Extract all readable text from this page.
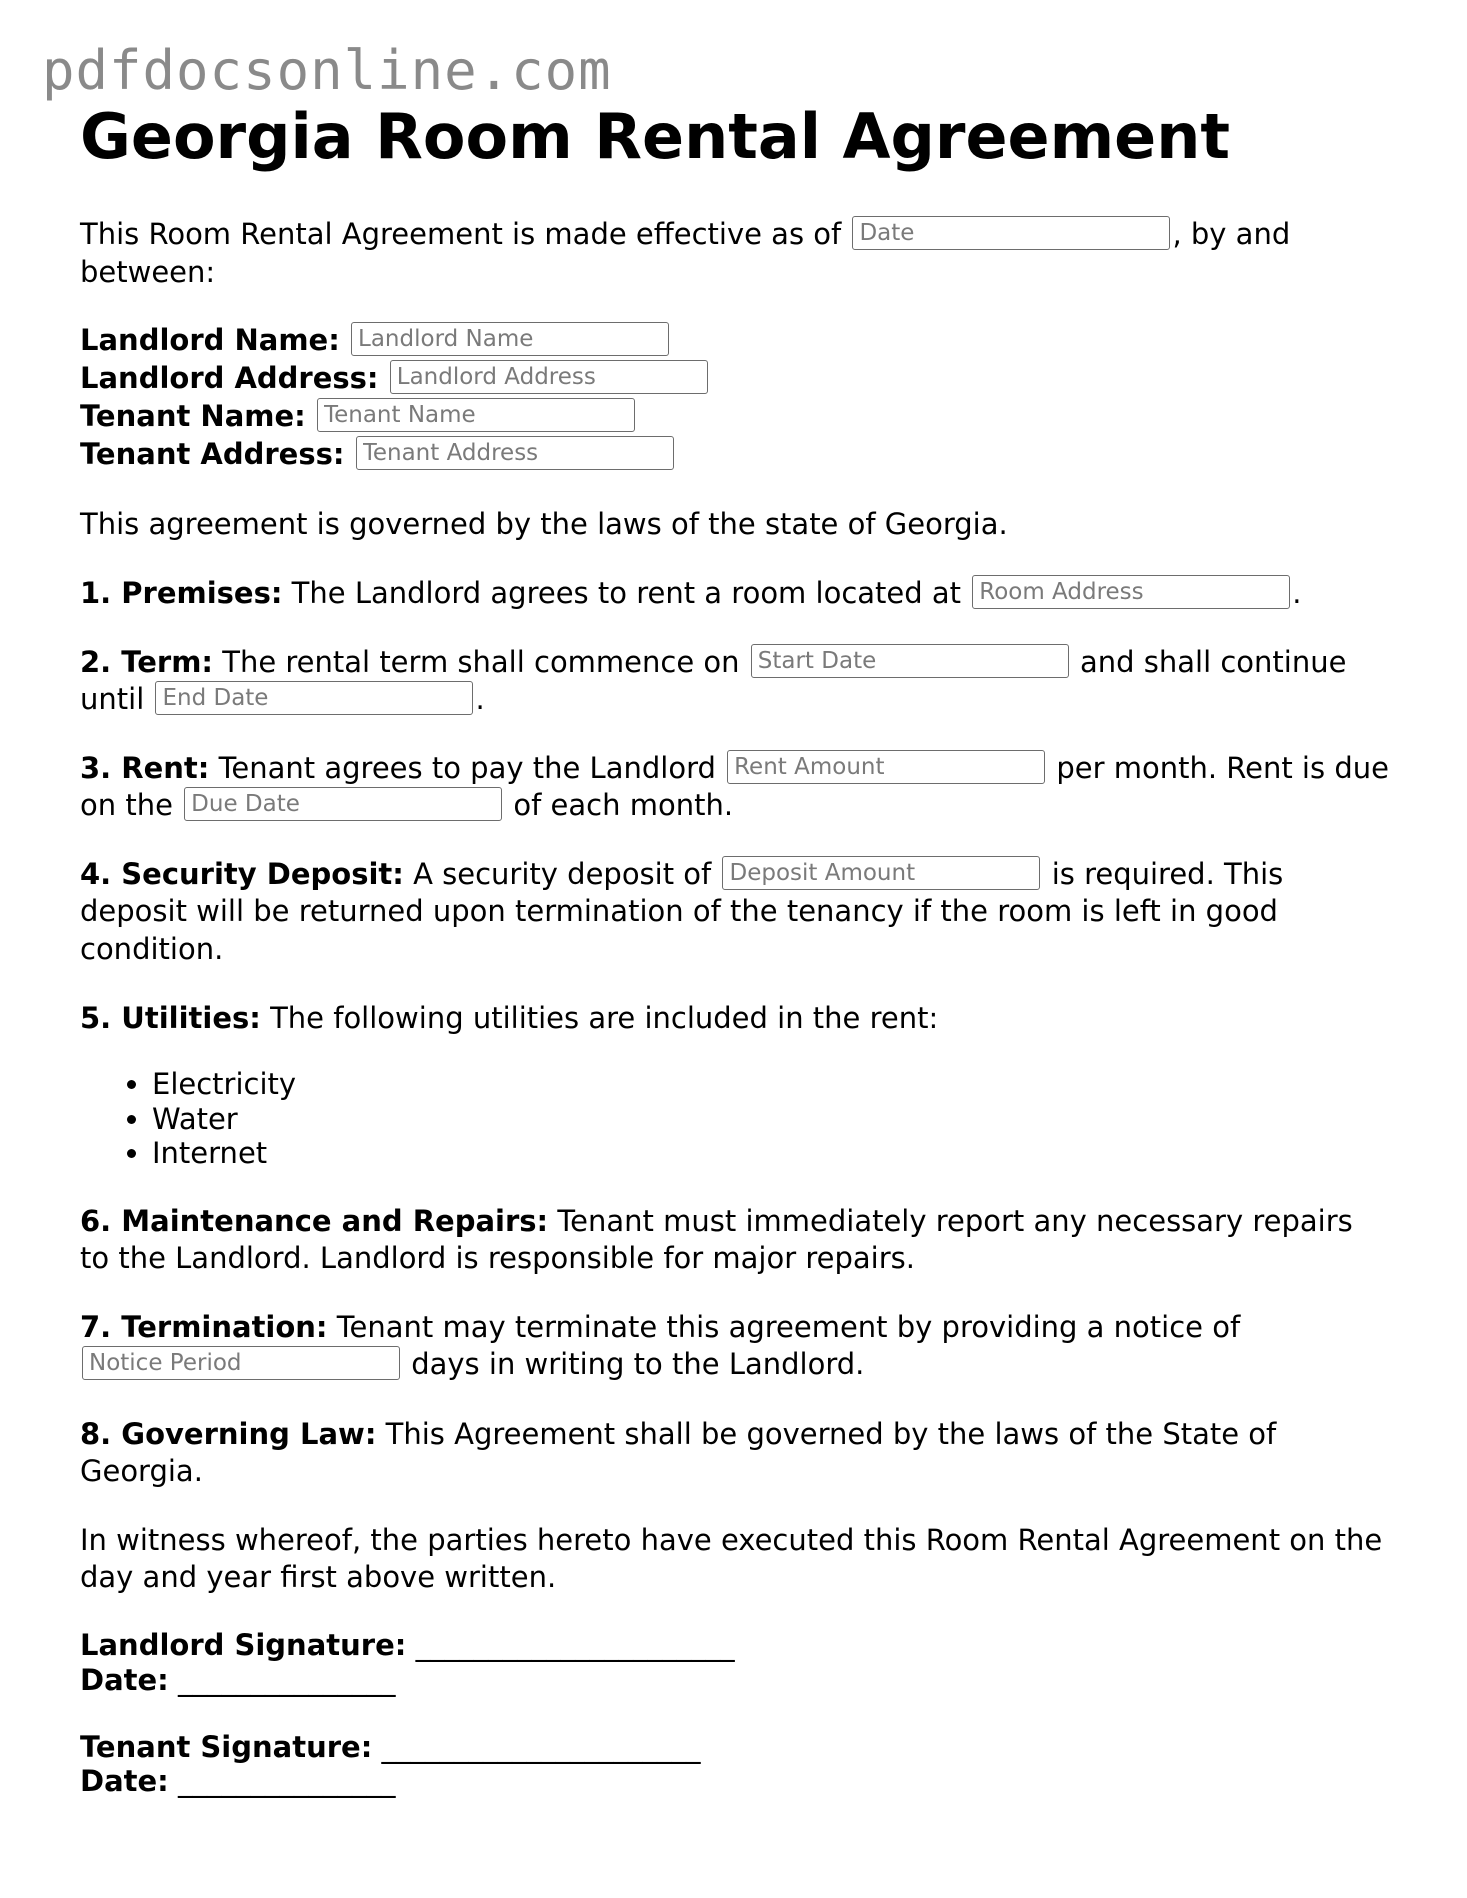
pdfdocsonline.com
Georgia Room Rental Agreement

This Room Rental Agreement is made effective as of Date	, by and between:

Landlord Name: Landlord Name

Landlord Address: Landlord Address

Tenant Name: Tenant Name

Tenant Address: Tenant Address

This agreement is governed by the laws of the state of Georgia.

1. Premises: The Landlord agrees to rent a room located at Room Address	.

2. Term: The rental term shall commence on Start Date	and shall continue until End Date	.

3. Rent: Tenant agrees to pay the Landlord Rent Amount	per month. Rent is due on the Due Date	of each month.

4. Security Deposit: A security deposit of Deposit Amount	is required. This deposit will be returned upon termination of the tenancy if the room is left in good condition.

5. Utilities: The following utilities are included in the rent:

• Electricity
• Water
• Internet

6. Maintenance and Repairs: Tenant must immediately report any necessary repairs to the Landlord. Landlord is responsible for major repairs.

7. Termination: Tenant may terminate this agreement by providing a notice of Notice Period days in writing to the Landlord.

8. Governing Law: This Agreement shall be governed by the laws of the State of Georgia.

In witness whereof, the parties hereto have executed this Room Rental Agreement on the day and year first above written.

Landlord Signature: ______________________

Date: _______________

Tenant Signature: ______________________

Date: _______________
